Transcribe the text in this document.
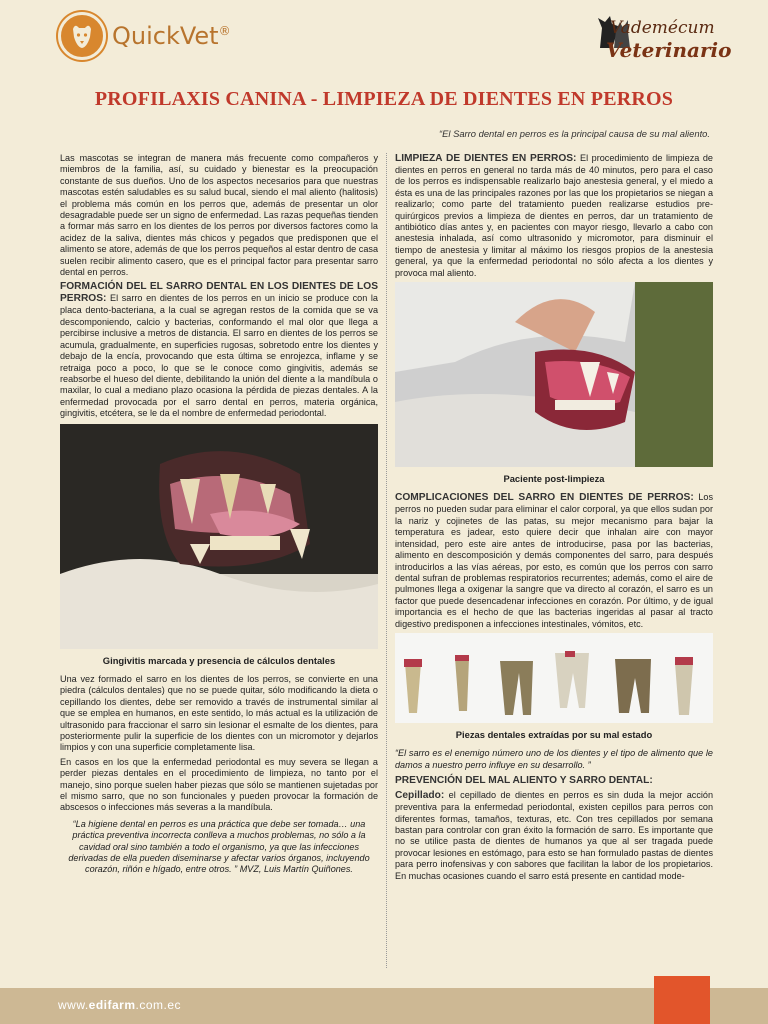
QuickVet®	Vademécum
Veterinario
PROFILAXIS CANINA - LIMPIEZA DE DIENTES EN PERROS
“El Sarro dental en perros es la principal causa de su mal aliento.

Las mascotas se integran de manera más frecuente como compañeros y miembros de la familia, así, su cuidado y bienestar es la preocupación constante de sus dueños. Uno de los aspectos necesarios para que nuestras mascotas estén saludables es su salud bucal, siendo el mal aliento (halitosis) el problema más común en los perros que, además de presentar un olor desagradable puede ser un signo de enfermedad. Las razas pequeñas tienden a formar más sarro en los dientes de los perros por diversos factores como la acidez de la saliva, dientes más chicos y pegados que predisponen que el alimento se atore, además de que los perros pequeños al estar dentro de casa suelen recibir alimento casero, que es el principal factor para presentar sarro dental en perros.

FORMACIÓN DEL EL SARRO DENTAL EN LOS DIENTES DE LOS PERROS: El sarro en dientes de los perros en un inicio se produce con la placa dento-bacteriana, a la cual se agregan restos de la comida que se va descomponiendo, calcio y bacterias, conformando el mal olor que llega a percibirse inclusive a metros de distancia. El sarro en dientes de los perros se acumula, gradualmente, en superficies rugosas, sobretodo entre los dientes y debajo de la encía, provocando que esta última se enrojezca, inflame y se retraiga poco a poco, lo que se le conoce como gingivitis, además se reabsorbe el hueso del diente, debilitando la unión del diente a la mandíbula o maxilar, lo cual a mediano plazo ocasiona la pérdida de piezas dentales. A la enfermedad provocada por el sarro dental en perros, materia orgánica, gingivitis, etcétera, se le da el nombre de enfermedad periodontal.

Gingivitis marcada y presencia de cálculos dentales

Una vez formado el sarro en los dientes de los perros, se convierte en una piedra (cálculos dentales) que no se puede quitar, sólo modificando la dieta o cepillando los dientes, debe ser removido a través de instrumental similar al que se emplea en humanos, en este sentido, lo más actual es la utilización de ultrasonido para fraccionar el sarro sin lesionar el esmalte de los dientes, para posteriormente pulir la superficie de los dientes con un micromotor y dejarlos limpios y con una superficie completamente lisa.

En casos en los que la enfermedad periodontal es muy severa se llegan a perder piezas dentales en el procedimiento de limpieza, no tanto por el manejo, sino porque suelen haber piezas que sólo se mantienen sujetadas por el mismo sarro, que no son funcionales y pueden provocar la formación de abscesos o infecciones más severas a la mandíbula.

“La higiene dental en perros es una práctica que debe ser tomada… una práctica preventiva incorrecta conlleva a muchos problemas, no sólo a la cavidad oral sino también a todo el organismo, ya que las infecciones derivadas de ella pueden diseminarse y afectar varios órganos, incluyendo corazón, riñón e hígado, entre otros. ” MVZ, Luis Martín Quiñones.

LIMPIEZA DE DIENTES EN PERROS: El procedimiento de limpieza de dientes en perros en general no tarda más de 40 minutos, pero para el caso de los perros es indispensable realizarlo bajo anestesia general, y el miedo a ésta es una de las principales razones por las que los propietarios se niegan a realizarlo; como parte del tratamiento pueden realizarse estudios pre-quirúrgicos previos a limpieza de dientes en perros, dar un tratamiento de antibiótico días antes y, en pacientes con mayor riesgo, llevarlo a cabo con anestesia inhalada, así como ultrasonido y micromotor, para disminuir el tiempo de anestesia y limitar al máximo los riesgos propios de la anestesia general, ya que la enfermedad periodontal no sólo afecta a los dientes y provoca mal aliento.

Paciente post-limpieza

COMPLICACIONES DEL SARRO EN DIENTES DE PERROS: Los perros no pueden sudar para eliminar el calor corporal, ya que ellos sudan por la nariz y cojinetes de las patas, su mejor mecanismo para bajar la temperatura es jadear, esto quiere decir que inhalan aire con mayor intensidad, pero este aire antes de introducirse, pasa por las bacterias, alimento en descomposición y demás componentes del sarro, para después introducirlos a las vías aéreas, por esto, es común que los perros con sarro dental sufran de problemas respiratorios recurrentes; además, como el aire de pulmones llega a oxigenar la sangre que va directo al corazón, el sarro es un factor que puede desencadenar infecciones en corazón. Por último, y de igual importancia es el hecho de que las bacterias ingeridas al pasar al tracto digestivo predisponen a infecciones intestinales, vómitos, etc.

Piezas dentales extraídas por su mal estado
“El sarro es el enemigo número uno de los dientes y el tipo de alimento que le damos a nuestro perro influye en su desarrollo. ”

PREVENCIÓN DEL MAL ALIENTO Y SARRO DENTAL:

Cepillado: el cepillado de dientes en perros es sin duda la mejor acción preventiva para la enfermedad periodontal, existen cepillos para perros con diferentes formas, tamaños, texturas, etc. Con tres cepillados por semana bastan para controlar con gran éxito la formación de sarro. Es importante que no se utilice pasta de dientes de humanos ya que al ser tragada puede provocar lesiones en estómago, para esto se han formulado pastas de dientes para perro inofensivas y con sabores que facilitan la labor de los propietarios. En muchas ocasiones cuando el sarro está presente en cantidad mode-

www.edifarm.com.ec
